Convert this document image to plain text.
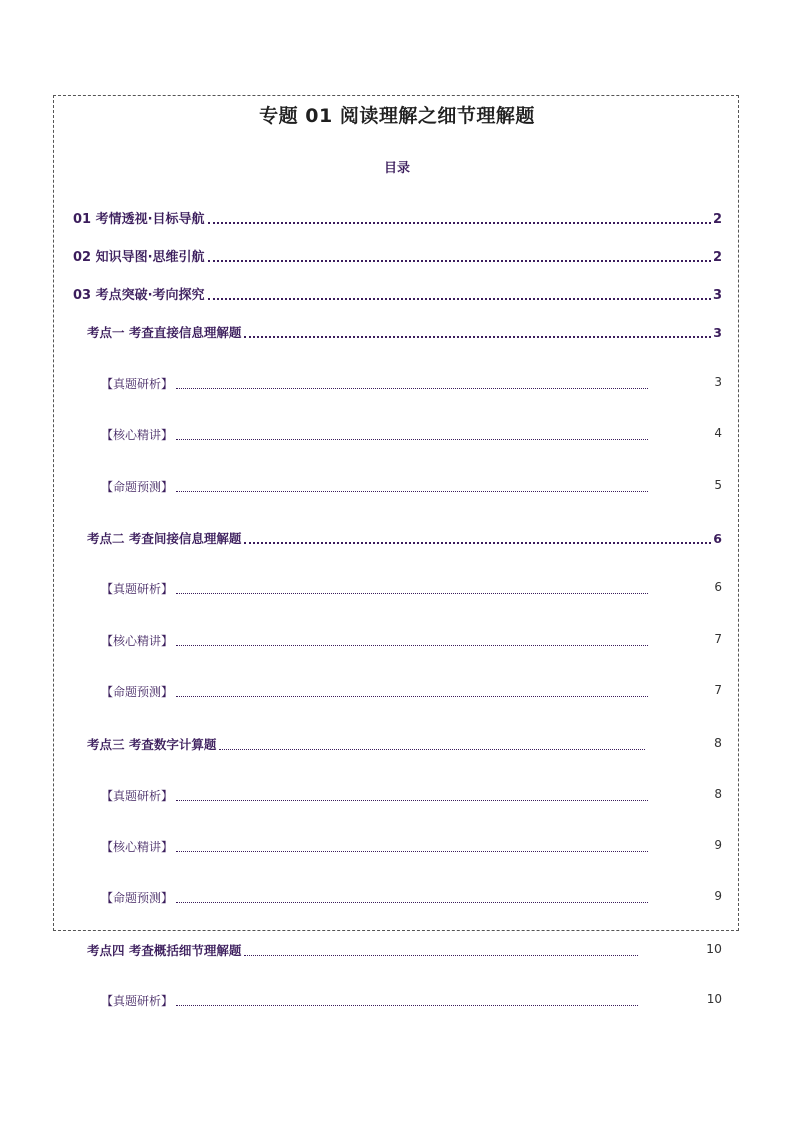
专题 01 阅读理解之细节理解题
目录
01 考情透视·目标导航	2
02 知识导图·思维引航	2
03 考点突破·考向探究	3
考点一 考查直接信息理解题	3
【真题研析】	3
【核心精讲】	4
【命题预测】	5
考点二 考查间接信息理解题	6
【真题研析】	6
【核心精讲】	7
【命题预测】	7
考点三 考查数字计算题	8
【真题研析】	8
【核心精讲】	9
【命题预测】	9
考点四 考查概括细节理解题	10
【真题研析】	10
